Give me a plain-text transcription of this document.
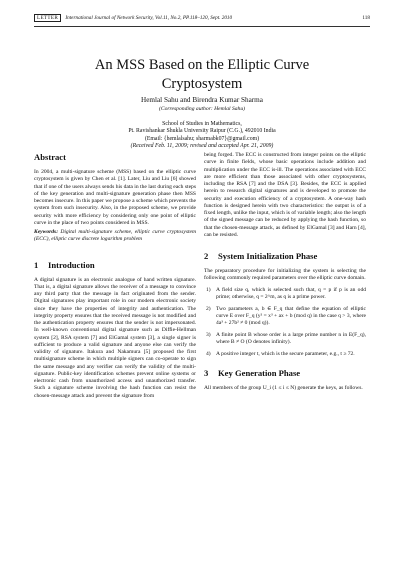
LETTER International Journal of Network Security, Vol.11, No.2, PP.118–120, Sept. 2010	118
An MSS Based on the Elliptic Curve
Cryptosystem
Hemlal Sahu and Birendra Kumar Sharma
(Corresponding author: Hemlal Sahu)
School of Studies in Mathematics,
Pt. Ravishankar Shukla University Raipur (C.G.), 492010 India
(Email: {hemlalsahu; sharmabk07}@gmail.com)
(Received Feb. 11, 2009; revised and accepted Apr. 21, 2009)
Abstract

In 2004, a multi-signature scheme (MSS) based on the elliptic curve cryptosystem is given by Chen et al. [1]. Later, Liu and Liu [6] showed that if one of the users always sends his data in the last during each steps of the key generation and multi-signature generation phase then MSS becomes insecure. In this paper we propose a scheme which prevents the system from such insecurity. Also, in the proposed scheme, we provide security with more efficiency by considering only one point of elliptic curve in the place of two points considered in MSS.

Keywords: Digital multi-signature scheme, elliptic curve cryptosystem (ECC), elliptic curve discrete logarithm problem

1 Introduction

A digital signature is an electronic analogue of hand written signature. That is, a digital signature allows the receiver of a message to convince any third party that the message in fact originated from the sender. Digital signatures play important role in our modern electronic society since they have the properties of integrity and authentication. The integrity property ensures that the received message is not modified and the authentication property ensures that the sender is not impersonated. In well-known conventional digital signature such as Diffie-Hellman system [2], RSA system [7] and ElGamal system [3], a single signer is sufficient to produce a valid signature and anyone else can verify the validity of signature. Itakura and Nakamura [5] proposed the first multisignature scheme in which multiple signers can co-operate to sign the same message and any verifier can verify the validity of the multi-signature. Public-key identification schemes prevent online systems or electronic cash from unauthorized access and unauthorized transfer. Such a signature scheme involving the hash function can resist the chosen-message attack and prevent the signature from

being forged. The ECC is constructed from integer points on the elliptic curve in finite fields, whose basic operations include addition and multiplication under the ECC is-ill. The operations associated with ECC are more efficient than those associated with other cryptosystems, including the RSA [7] and the DSA [3]. Besides, the ECC is applied herein to research digital signatures and is developed to promote the security and execution efficiency of a cryptosystem. A one-way hash function is designed herein with two characteristics: the output is of a fixed length, unlike the input, which is of variable length; also the length of the signed message can be reduced by applying the hash function, so that the chosen-message attack, as defined by ElGamal [3] and Harn [4], can be resisted.

2 System Initialization Phase

The preparatory procedure for initializing the system is selecting the following commonly required parameters over the elliptic curve domain.

1) A field size q, which is selected such that, q = p if p is an odd prime; otherwise, q = 2^m, as q is a prime power.
2) Two parameters a, b ∈ F_q that define the equation of elliptic curve E over F_q (y² = x³ + ax + b (mod q) in the case q > 3, where 4a³ + 27b² ≠ 0 (mod q)).
3) A finite point B whose order is a large prime number n in E(F_q), where B ≠ O (O denotes infinity).
4) A positive integer t, which is the secure parameter, e.g., t ≥ 72.
3 Key Generation Phase

All members of the group U_i (1 ≤ i ≤ N) generate the keys, as follows.
